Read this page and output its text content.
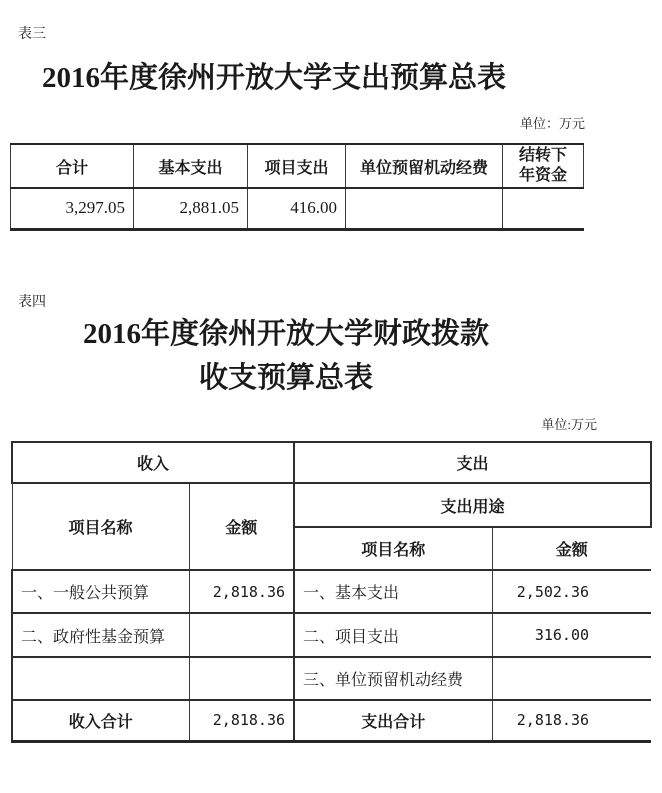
表三
2016年度徐州开放大学支出预算总表
单位：万元
合计	基本支出	项目支出	单位预留机动经费	结转下年资金
3,297.05	2,881.05	416.00		
表四
2016年度徐州开放大学财政拨款
收支预算总表
单位:万元
收入		支出	
项目名称	金额	支出用途	
		项目名称	金额
一、一般公共预算	2,818.36	一、基本支出	2,502.36
二、政府性基金预算		二、项目支出	316.00
		三、单位预留机动经费	
收入合计	2,818.36	支出合计	2,818.36
